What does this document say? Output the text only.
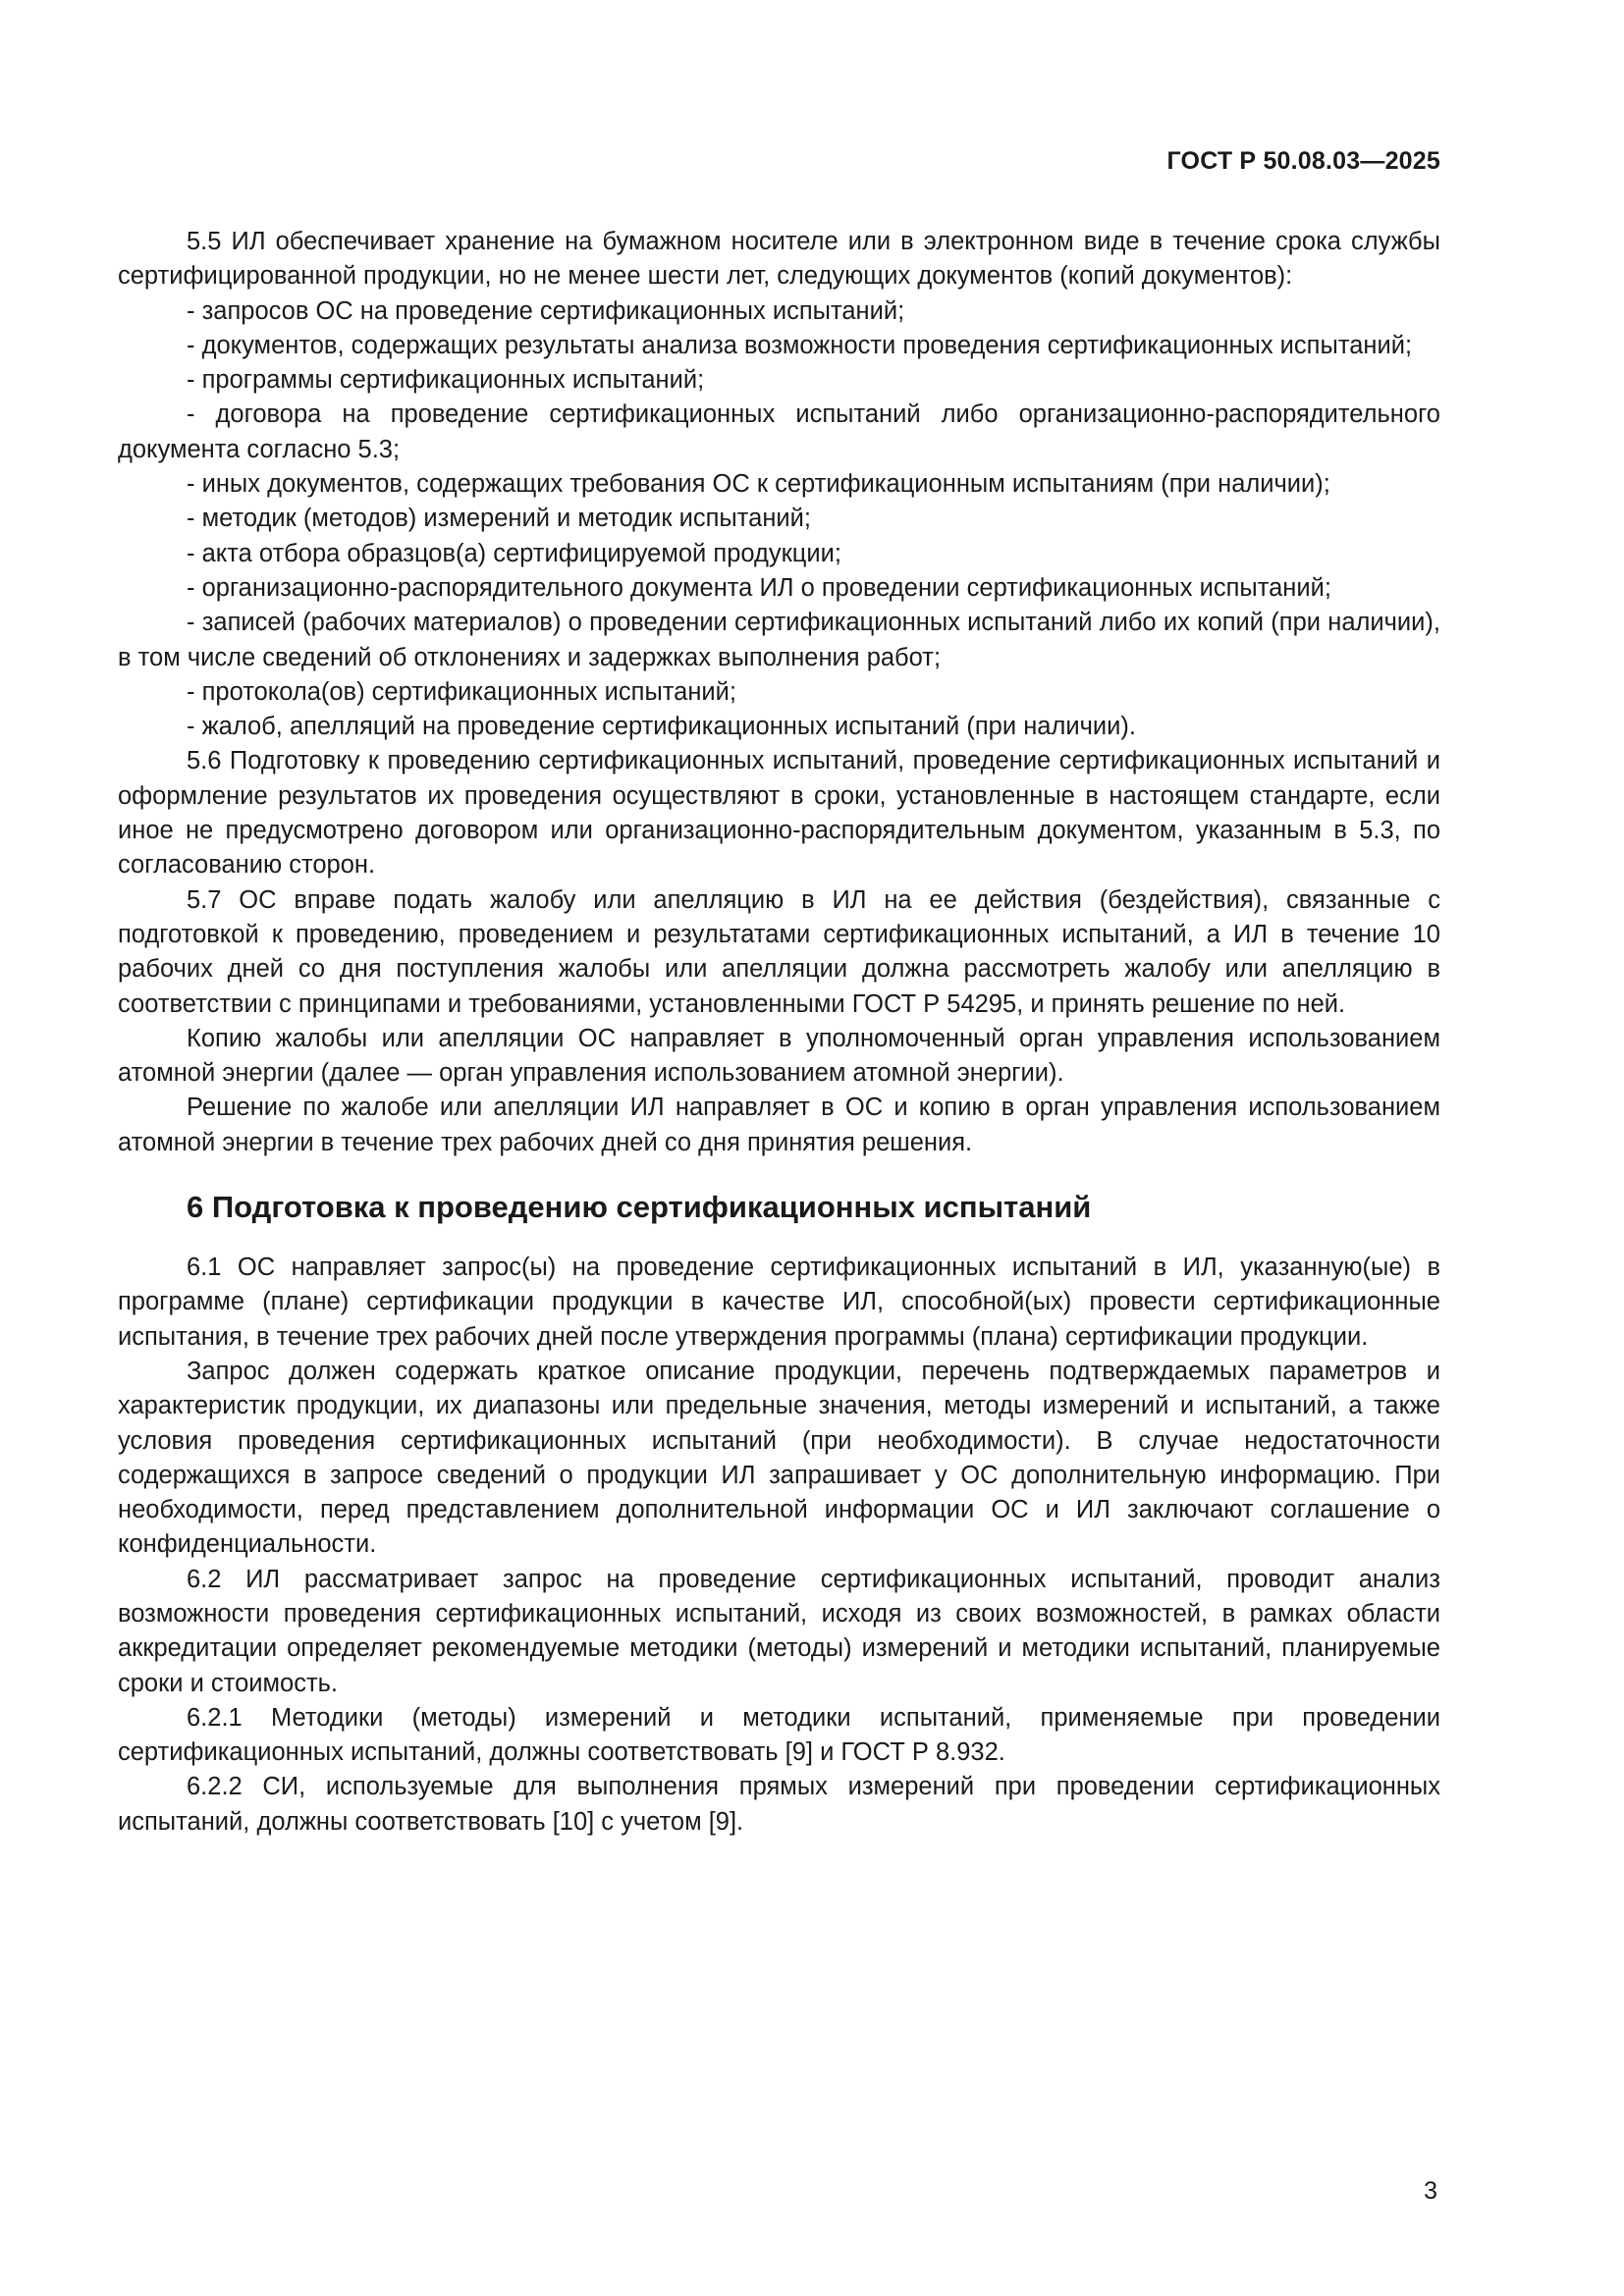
ГОСТ Р 50.08.03—2025

5.5 ИЛ обеспечивает хранение на бумажном носителе или в электронном виде в течение срока службы сертифицированной продукции, но не менее шести лет, следующих документов (копий документов):

- запросов ОС на проведение сертификационных испытаний;

- документов, содержащих результаты анализа возможности проведения сертификационных испытаний;

- программы сертификационных испытаний;

- договора на проведение сертификационных испытаний либо организационно-распорядительного документа согласно 5.3;

- иных документов, содержащих требования ОС к сертификационным испытаниям (при наличии);

- методик (методов) измерений и методик испытаний;

- акта отбора образцов(а) сертифицируемой продукции;

- организационно-распорядительного документа ИЛ о проведении сертификационных испытаний;

- записей (рабочих материалов) о проведении сертификационных испытаний либо их копий (при наличии), в том числе сведений об отклонениях и задержках выполнения работ;

- протокола(ов) сертификационных испытаний;

- жалоб, апелляций на проведение сертификационных испытаний (при наличии).

5.6 Подготовку к проведению сертификационных испытаний, проведение сертификационных испытаний и оформление результатов их проведения осуществляют в сроки, установленные в настоящем стандарте, если иное не предусмотрено договором или организационно-распорядительным документом, указанным в 5.3, по согласованию сторон.

5.7 ОС вправе подать жалобу или апелляцию в ИЛ на ее действия (бездействия), связанные с подготовкой к проведению, проведением и результатами сертификационных испытаний, а ИЛ в течение 10 рабочих дней со дня поступления жалобы или апелляции должна рассмотреть жалобу или апелляцию в соответствии с принципами и требованиями, установленными ГОСТ Р 54295, и принять решение по ней.

Копию жалобы или апелляции ОС направляет в уполномоченный орган управления использованием атомной энергии (далее — орган управления использованием атомной энергии).

Решение по жалобе или апелляции ИЛ направляет в ОС и копию в орган управления использованием атомной энергии в течение трех рабочих дней со дня принятия решения.

6 Подготовка к проведению сертификационных испытаний

6.1 ОС направляет запрос(ы) на проведение сертификационных испытаний в ИЛ, указанную(ые) в программе (плане) сертификации продукции в качестве ИЛ, способной(ых) провести сертификационные испытания, в течение трех рабочих дней после утверждения программы (плана) сертификации продукции.

Запрос должен содержать краткое описание продукции, перечень подтверждаемых параметров и характеристик продукции, их диапазоны или предельные значения, методы измерений и испытаний, а также условия проведения сертификационных испытаний (при необходимости). В случае недостаточности содержащихся в запросе сведений о продукции ИЛ запрашивает у ОС дополнительную информацию. При необходимости, перед представлением дополнительной информации ОС и ИЛ заключают соглашение о конфиденциальности.

6.2 ИЛ рассматривает запрос на проведение сертификационных испытаний, проводит анализ возможности проведения сертификационных испытаний, исходя из своих возможностей, в рамках области аккредитации определяет рекомендуемые методики (методы) измерений и методики испытаний, планируемые сроки и стоимость.

6.2.1 Методики (методы) измерений и методики испытаний, применяемые при проведении сертификационных испытаний, должны соответствовать [9] и ГОСТ Р 8.932.

6.2.2 СИ, используемые для выполнения прямых измерений при проведении сертификационных испытаний, должны соответствовать [10] с учетом [9].

3
